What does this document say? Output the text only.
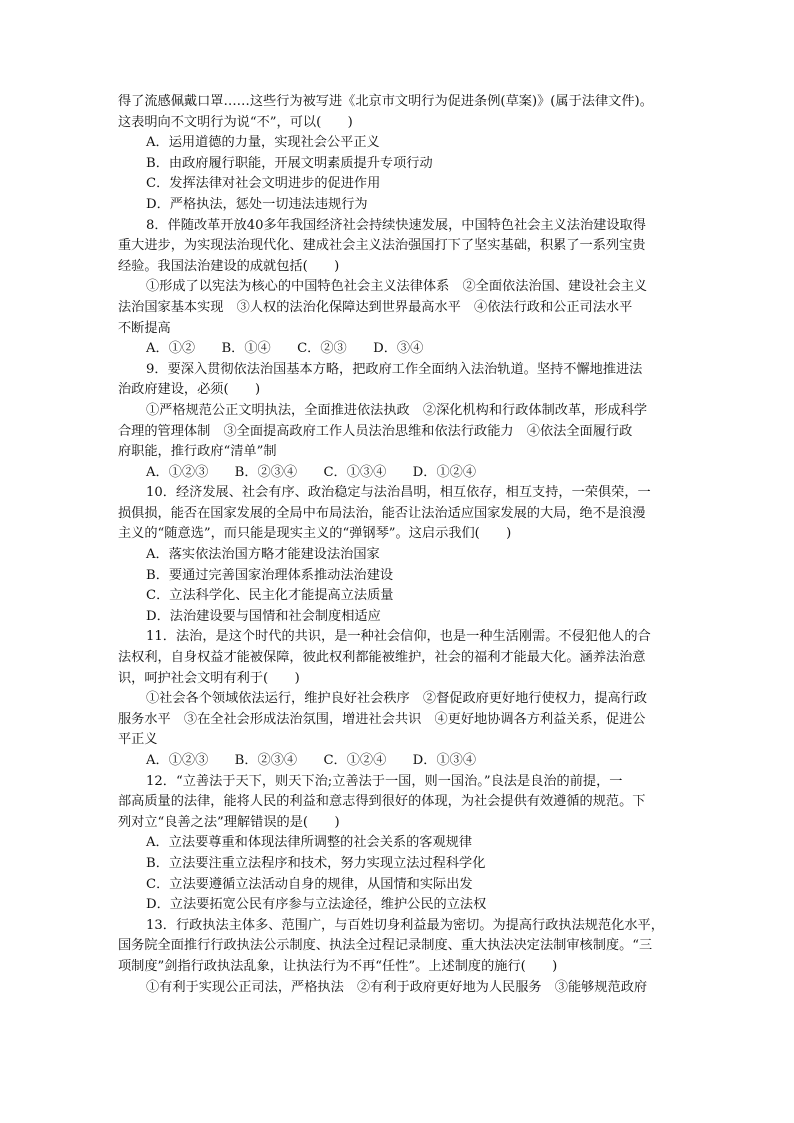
得了流感佩戴口罩……这些行为被写进《北京市文明行为促进条例(草案)》(属于法律文件)。
这表明向不文明行为说“不”，可以(　　)
A．运用道德的力量，实现社会公平正义
B．由政府履行职能，开展文明素质提升专项行动
C．发挥法律对社会文明进步的促进作用
D．严格执法，惩处一切违法违规行为
8．伴随改革开放40多年我国经济社会持续快速发展，中国特色社会主义法治建设取得
重大进步，为实现法治现代化、建成社会主义法治强国打下了坚实基础，积累了一系列宝贵
经验。我国法治建设的成就包括(　　)
①形成了以宪法为核心的中国特色社会主义法律体系　②全面依法治国、建设社会主义
法治国家基本实现　③人权的法治化保障达到世界最高水平　④依法行政和公正司法水平
不断提高
A．①②　　B．①④　　C．②③　　D．③④
9．要深入贯彻依法治国基本方略，把政府工作全面纳入法治轨道。坚持不懈地推进法
治政府建设，必须(　　)
①严格规范公正文明执法，全面推进依法执政　②深化机构和行政体制改革，形成科学
合理的管理体制　③全面提高政府工作人员法治思维和依法行政能力　④依法全面履行政
府职能，推行政府“清单”制
A．①②③　　B．②③④　　C．①③④　　D．①②④
10．经济发展、社会有序、政治稳定与法治昌明，相互依存，相互支持，一荣俱荣，一
损俱损，能否在国家发展的全局中布局法治，能否让法治适应国家发展的大局，绝不是浪漫
主义的“随意选”，而只能是现实主义的“弹钢琴”。这启示我们(　　)
A．落实依法治国方略才能建设法治国家
B．要通过完善国家治理体系推动法治建设
C．立法科学化、民主化才能提高立法质量
D．法治建设要与国情和社会制度相适应
11．法治，是这个时代的共识，是一种社会信仰，也是一种生活刚需。不侵犯他人的合
法权利，自身权益才能被保障，彼此权利都能被维护，社会的福利才能最大化。涵养法治意
识，呵护社会文明有利于(　　)
①社会各个领域依法运行，维护良好社会秩序　②督促政府更好地行使权力，提高行政
服务水平　③在全社会形成法治氛围，增进社会共识　④更好地协调各方利益关系，促进公
平正义
A．①②③　　B．②③④　　C．①②④　　D．①③④
12．“立善法于天下，则天下治;立善法于一国，则一国治。”良法是良治的前提，一
部高质量的法律，能将人民的利益和意志得到很好的体现，为社会提供有效遵循的规范。下
列对立“良善之法”理解错误的是(　　)
A．立法要尊重和体现法律所调整的社会关系的客观规律
B．立法要注重立法程序和技术，努力实现立法过程科学化
C．立法要遵循立法活动自身的规律，从国情和实际出发
D．立法要拓宽公民有序参与立法途径，维护公民的立法权
13．行政执法主体多、范围广，与百姓切身利益最为密切。为提高行政执法规范化水平，
国务院全面推行行政执法公示制度、执法全过程记录制度、重大执法决定法制审核制度。“三
项制度”剑指行政执法乱象，让执法行为不再“任性”。上述制度的施行(　　)
①有利于实现公正司法，严格执法　②有利于政府更好地为人民服务　③能够规范政府
